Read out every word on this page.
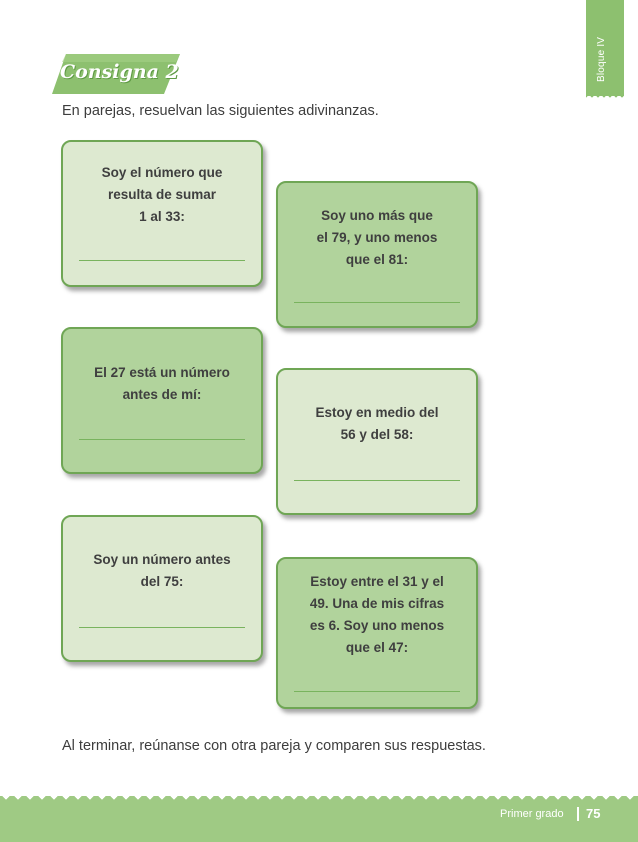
Bloque IV
Consigna 2
En parejas, resuelvan las siguientes adivinanzas.
Soy el número que
resulta de sumar
1 al 33:	Soy uno más que
el 79, y uno menos
que el 81:
El 27 está un número
antes de mí:
Estoy en medio del
56 y del 58:
Soy un número antes
del 75:	Estoy entre el 31 y el
49. Una de mis cifras
es 6. Soy uno menos
que el 47:
Al terminar, reúnanse con otra pareja y comparen sus respuestas.
Primer grado 75
